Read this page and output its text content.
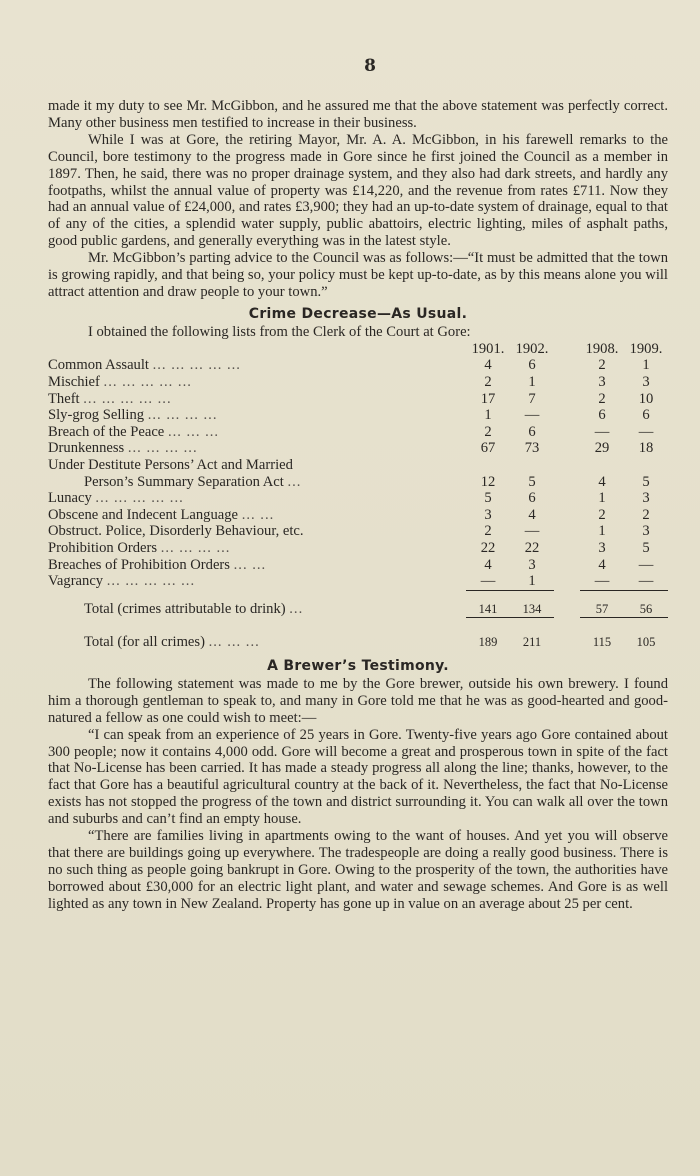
8

made it my duty to see Mr. McGibbon, and he assured me that the above statement was perfectly correct. Many other business men testified to increase in their business.

While I was at Gore, the retiring Mayor, Mr. A. A. McGibbon, in his farewell remarks to the Council, bore testimony to the progress made in Gore since he first joined the Council as a member in 1897. Then, he said, there was no proper drainage system, and they also had dark streets, and hardly any footpaths, whilst the annual value of property was £14,220, and the revenue from rates £711. Now they had an annual value of £24,000, and rates £3,900; they had an up-to-date system of drainage, equal to that of any of the cities, a splendid water supply, public abattoirs, electric lighting, miles of asphalt paths, good public gardens, and generally everything was in the latest style.

Mr. McGibbon’s parting advice to the Council was as follows:—“It must be admitted that the town is growing rapidly, and that being so, your policy must be kept up-to-date, as by this means alone you will attract attention and draw people to your town.”

Crime Decrease—As Usual.

I obtained the following lists from the Clerk of the Court at Gore:

	1901.	1902.		1908.	1909.
Common Assault ... ... ... ... ...	4	6		2	1
Mischief ... ... ... ... ...	2	1		3	3
Theft ... ... ... ... ...	17	7		2	10
Sly-grog Selling ... ... ... ...	1	—		6	6
Breach of the Peace ... ... ...	2	6		—	—
Drunkenness ... ... ... ...	67	73		29	18
Under Destitute Persons’ Act and Married					
Person’s Summary Separation Act ...	12	5		4	5
Lunacy ... ... ... ... ...	5	6		1	3
Obscene and Indecent Language ... ...	3	4		2	2
Obstruct. Police, Disorderly Behaviour, etc.	2	—		1	3
Prohibition Orders ... ... ... ...	22	22		3	5
Breaches of Prohibition Orders ... ...	4	3		4	—
Vagrancy ... ... ... ... ...	—	1		—	—

Total (crimes attributable to drink) ...	141	134		57	56

Total (for all crimes) ... ... ...	189	211		115	105
A Brewer’s Testimony.

The following statement was made to me by the Gore brewer, outside his own brewery. I found him a thorough gentleman to speak to, and many in Gore told me that he was as good-hearted and good-natured a fellow as one could wish to meet:—

“I can speak from an experience of 25 years in Gore. Twenty-five years ago Gore contained about 300 people; now it contains 4,000 odd. Gore will become a great and prosperous town in spite of the fact that No-License has been carried. It has made a steady progress all along the line; thanks, however, to the fact that Gore has a beautiful agricultural country at the back of it. Nevertheless, the fact that No-License exists has not stopped the progress of the town and district surrounding it. You can walk all over the town and suburbs and can’t find an empty house.

“There are families living in apartments owing to the want of houses. And yet you will observe that there are buildings going up everywhere. The tradespeople are doing a really good business. There is no such thing as people going bankrupt in Gore. Owing to the prosperity of the town, the authorities have borrowed about £30,000 for an electric light plant, and water and sewage schemes. And Gore is as well lighted as any town in New Zealand. Property has gone up in value on an average about 25 per cent.
